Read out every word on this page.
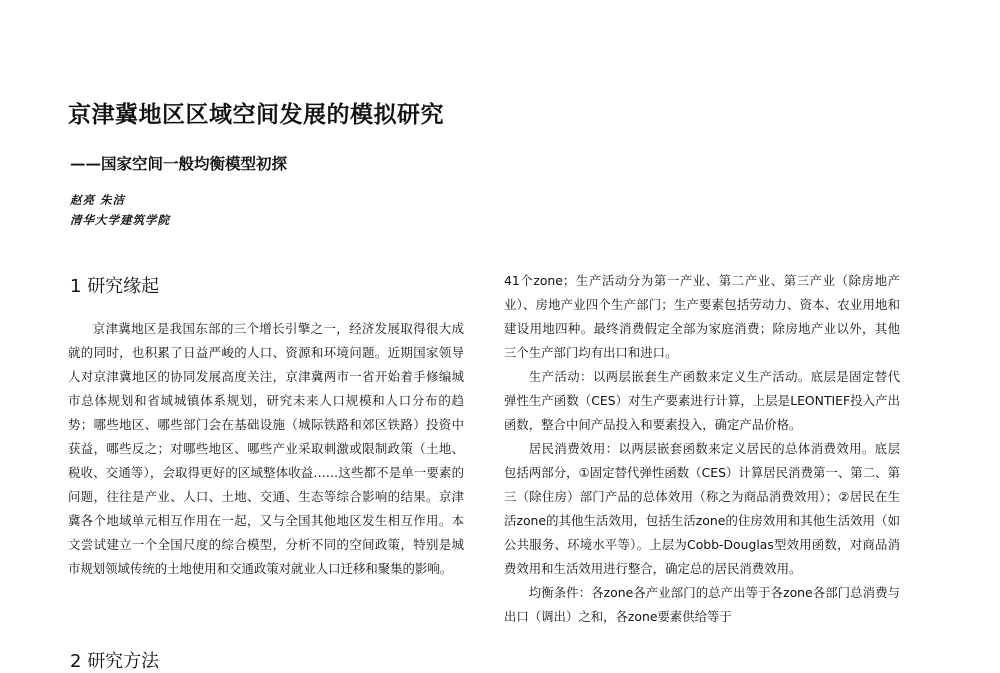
京津冀地区区域空间发展的模拟研究
——国家空间一般均衡模型初探
赵亮 朱洁
清华大学建筑学院
1 研究缘起

京津冀地区是我国东部的三个增长引擎之一，经济发展取得很大成就的同时，也积累了日益严峻的人口、资源和环境问题。近期国家领导人对京津冀地区的协同发展高度关注，京津冀两市一省开始着手修编城市总体规划和省域城镇体系规划，研究未来人口规模和人口分布的趋势；哪些地区、哪些部门会在基础设施（城际铁路和郊区铁路）投资中获益，哪些反之；对哪些地区、哪些产业采取刺激或限制政策（土地、税收、交通等），会取得更好的区域整体收益……这些都不是单一要素的问题，往往是产业、人口、土地、交通、生态等综合影响的结果。京津冀各个地域单元相互作用在一起，又与全国其他地区发生相互作用。本文尝试建立一个全国尺度的综合模型，分析不同的空间政策，特别是城市规划领域传统的土地使用和交通政策对就业人口迁移和聚集的影响。

2 研究方法

41个zone；生产活动分为第一产业、第二产业、第三产业（除房地产业）、房地产业四个生产部门；生产要素包括劳动力、资本、农业用地和建设用地四种。最终消费假定全部为家庭消费；除房地产业以外，其他三个生产部门均有出口和进口。

生产活动：以两层嵌套生产函数来定义生产活动。底层是固定替代弹性生产函数（CES）对生产要素进行计算，上层是LEONTIEF投入产出函数，整合中间产品投入和要素投入，确定产品价格。

居民消费效用：以两层嵌套函数来定义居民的总体消费效用。底层包括两部分，①固定替代弹性函数（CES）计算居民消费第一、第二、第三（除住房）部门产品的总体效用（称之为商品消费效用）；②居民在生活zone的其他生活效用，包括生活zone的住房效用和其他生活效用（如公共服务、环境水平等）。上层为Cobb-Douglas型效用函数，对商品消费效用和生活效用进行整合，确定总的居民消费效用。

均衡条件：各zone各产业部门的总产出等于各zone各部门总消费与出口（调出）之和，各zone要素供给等于
